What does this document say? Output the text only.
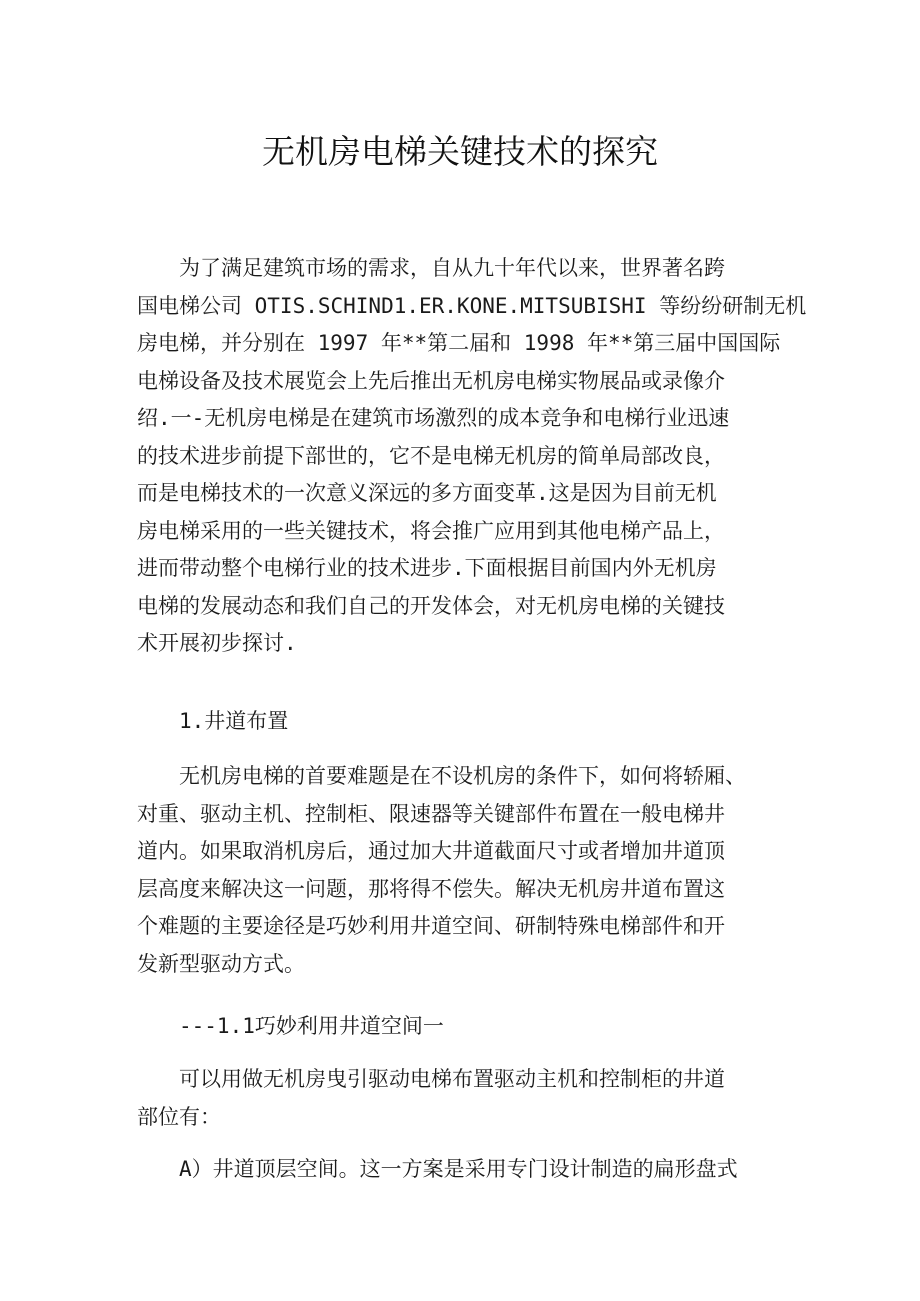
无机房电梯关键技术的探究
为了满足建筑市场的需求，自从九十年代以来，世界著名跨
国电梯公司 OTIS.SCHIND1.ER.KONE.MITSUBISHI 等纷纷研制无机
房电梯，并分别在 1997 年**第二届和 1998 年**第三届中国国际
电梯设备及技术展览会上先后推出无机房电梯实物展品或录像介
绍.一-无机房电梯是在建筑市场激烈的成本竞争和电梯行业迅速
的技术进步前提下部世的，它不是电梯无机房的简单局部改良，
而是电梯技术的一次意义深远的多方面变革.这是因为目前无机
房电梯采用的一些关键技术，将会推广应用到其他电梯产品上，
进而带动整个电梯行业的技术进步.下面根据目前国内外无机房
电梯的发展动态和我们自己的开发体会，对无机房电梯的关键技
术开展初步探讨.
1.井道布置
无机房电梯的首要难题是在不设机房的条件下，如何将轿厢、
对重、驱动主机、控制柜、限速器等关键部件布置在一般电梯井
道内。如果取消机房后，通过加大井道截面尺寸或者增加井道顶
层高度来解决这一问题，那将得不偿失。解决无机房井道布置这
个难题的主要途径是巧妙利用井道空间、研制特殊电梯部件和开
发新型驱动方式。
---1.1巧妙利用井道空间一
可以用做无机房曳引驱动电梯布置驱动主机和控制柜的井道
部位有：
A）井道顶层空间。这一方案是采用专门设计制造的扁形盘式
